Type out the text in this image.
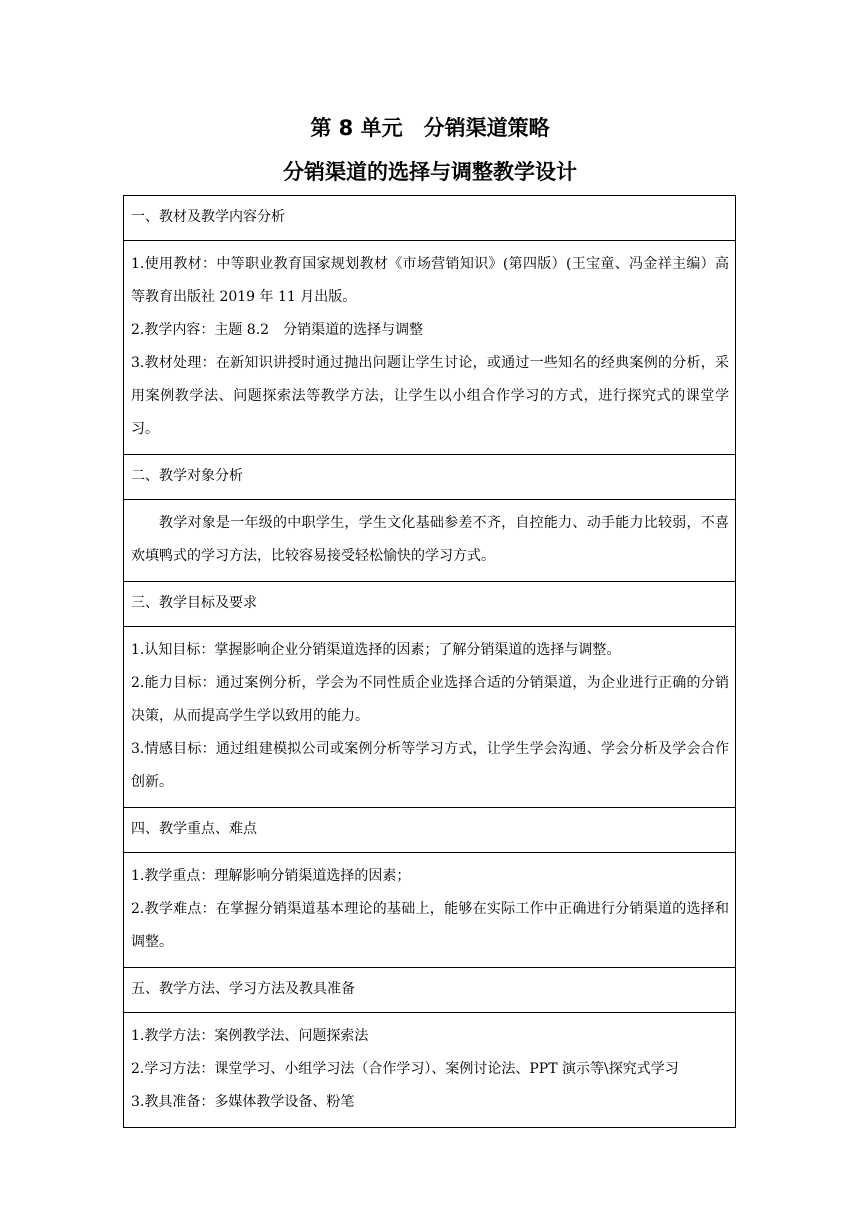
第 8 单元　分销渠道策略
分销渠道的选择与调整教学设计
一、教材及教学内容分析

1.使用教材：中等职业教育国家规划教材《市场营销知识》(第四版）(王宝童、冯金祥主编）高等教育出版社 2019 年 11 月出版。
2.教学内容：主题 8.2　分销渠道的选择与调整
3.教材处理：在新知识讲授时通过抛出问题让学生讨论，或通过一些知名的经典案例的分析，采用案例教学法、问题探索法等教学方法，让学生以小组合作学习的方式，进行探究式的课堂学习。

二、教学对象分析

教学对象是一年级的中职学生，学生文化基础参差不齐，自控能力、动手能力比较弱，不喜欢填鸭式的学习方法，比较容易接受轻松愉快的学习方式。

三、教学目标及要求

1.认知目标：掌握影响企业分销渠道选择的因素；了解分销渠道的选择与调整。
2.能力目标：通过案例分析，学会为不同性质企业选择合适的分销渠道，为企业进行正确的分销决策，从而提高学生学以致用的能力。
3.情感目标：通过组建模拟公司或案例分析等学习方式，让学生学会沟通、学会分析及学会合作创新。

四、教学重点、难点

1.教学重点：理解影响分销渠道选择的因素；
2.教学难点：在掌握分销渠道基本理论的基础上，能够在实际工作中正确进行分销渠道的选择和调整。

五、教学方法、学习方法及教具准备

1.教学方法：案例教学法、问题探索法
2.学习方法：课堂学习、小组学习法（合作学习）、案例讨论法、PPT 演示等\探究式学习
3.教具准备：多媒体教学设备、粉笔
